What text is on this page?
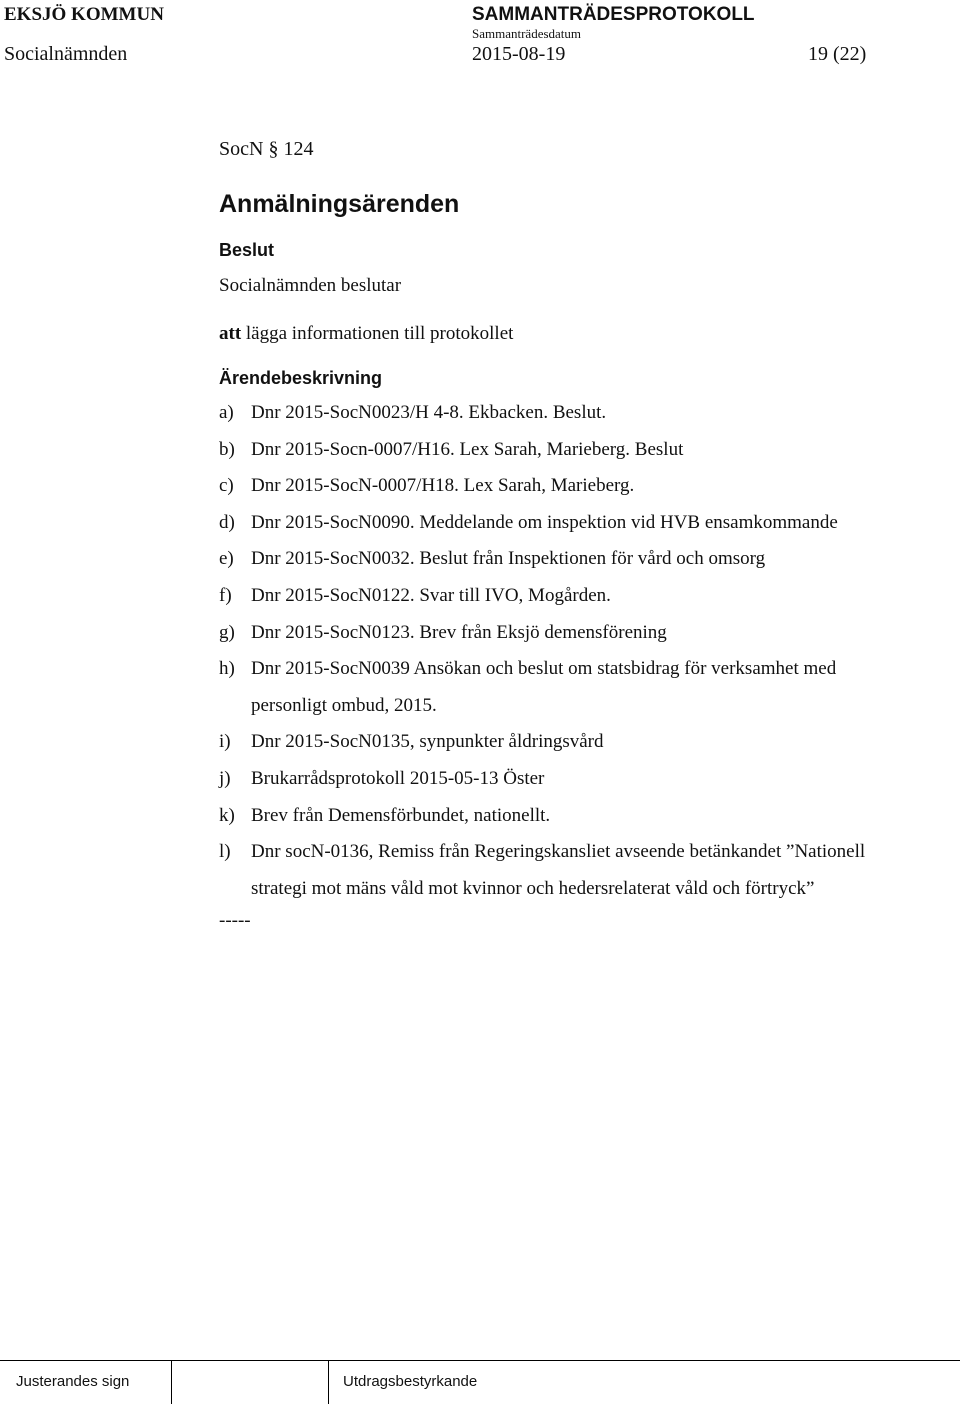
EKSJÖ KOMMUN	SAMMANTRÄDESPROTOKOLL
Sammanträdesdatum
Socialnämnden	2015-08-19	19 (22)
SocN § 124
Anmälningsärenden
Beslut
Socialnämnden beslutar
att lägga informationen till protokollet
Ärendebeskrivning
a) Dnr 2015-SocN0023/H 4-8. Ekbacken. Beslut.
b) Dnr 2015-Socn-0007/H16. Lex Sarah, Marieberg. Beslut
c) Dnr 2015-SocN-0007/H18. Lex Sarah, Marieberg.
d) Dnr 2015-SocN0090. Meddelande om inspektion vid HVB ensamkommande
e) Dnr 2015-SocN0032. Beslut från Inspektionen för vård och omsorg
f) Dnr 2015-SocN0122. Svar till IVO, Mogården.
g) Dnr 2015-SocN0123. Brev från Eksjö demensförening
h) Dnr 2015-SocN0039 Ansökan och beslut om statsbidrag för verksamhet med
personligt ombud, 2015.
i) Dnr 2015-SocN0135, synpunkter åldringsvård
j) Brukarrådsprotokoll 2015-05-13 Öster
k) Brev från Demensförbundet, nationellt.
l) Dnr socN-0136, Remiss från Regeringskansliet avseende betänkandet ”Nationell
strategi mot mäns våld mot kvinnor och hedersrelaterat våld och förtryck”
-----
Justerandes sign	Utdragsbestyrkande
